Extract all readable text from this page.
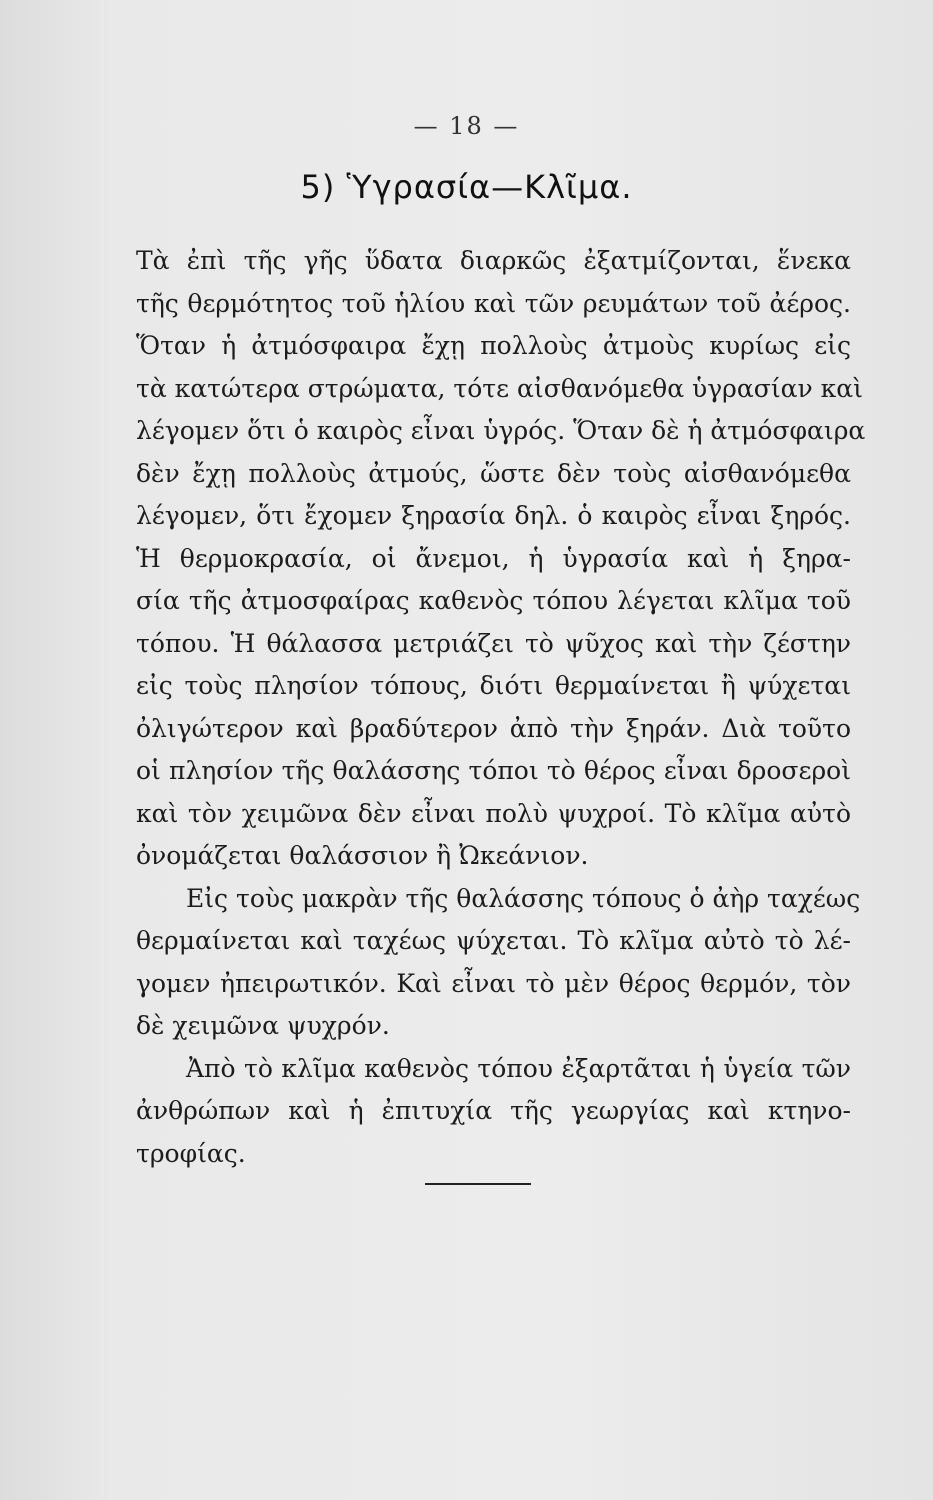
— 18 —
5) Ὑγρασία—Κλῖμα.
Τὰ ἐπὶ τῆς γῆς ὕδατα διαρκῶς ἐξατμίζονται, ἕνεκα
τῆς θερμότητος τοῦ ἡλίου καὶ τῶν ρευμάτων τοῦ ἀέρος.
Ὅταν ἡ ἀτμόσφαιρα ἔχῃ πολλοὺς ἀτμοὺς κυρίως εἰς
τὰ κατώτερα στρώματα, τότε αἰσθανόμεθα ὑγρασίαν καὶ
λέγομεν ὅτι ὁ καιρὸς εἶναι ὑγρός. Ὅταν δὲ ἡ ἀτμόσφαιρα
δὲν ἔχῃ πολλοὺς ἀτμούς, ὥστε δὲν τοὺς αἰσθανόμεθα
λέγομεν, ὅτι ἔχομεν ξηρασία δηλ. ὁ καιρὸς εἶναι ξηρός.
Ἡ θερμοκρασία, οἱ ἄνεμοι, ἡ ὑγρασία καὶ ἡ ξηρα-
σία τῆς ἀτμοσφαίρας καθενὸς τόπου λέγεται κλῖμα τοῦ
τόπου. Ἡ θάλασσα μετριάζει τὸ ψῦχος καὶ τὴν ζέστην
εἰς τοὺς πλησίον τόπους, διότι θερμαίνεται ἢ ψύχεται
ὀλιγώτερον καὶ βραδύτερον ἀπὸ τὴν ξηράν. Διὰ τοῦτο
οἱ πλησίον τῆς θαλάσσης τόποι τὸ θέρος εἶναι δροσεροὶ
καὶ τὸν χειμῶνα δὲν εἶναι πολὺ ψυχροί. Τὸ κλῖμα αὐτὸ
ὀνομάζεται θαλάσσιον ἢ Ὠκεάνιον.
Εἰς τοὺς μακρὰν τῆς θαλάσσης τόπους ὁ ἀὴρ ταχέως
θερμαίνεται καὶ ταχέως ψύχεται. Τὸ κλῖμα αὐτὸ τὸ λέ-
γομεν ἠπειρωτικόν. Καὶ εἶναι τὸ μὲν θέρος θερμόν, τὸν
δὲ χειμῶνα ψυχρόν.
Ἀπὸ τὸ κλῖμα καθενὸς τόπου ἐξαρτᾶται ἡ ὑγεία τῶν
ἀνθρώπων καὶ ἡ ἐπιτυχία τῆς γεωργίας καὶ κτηνο-
τροφίας.
